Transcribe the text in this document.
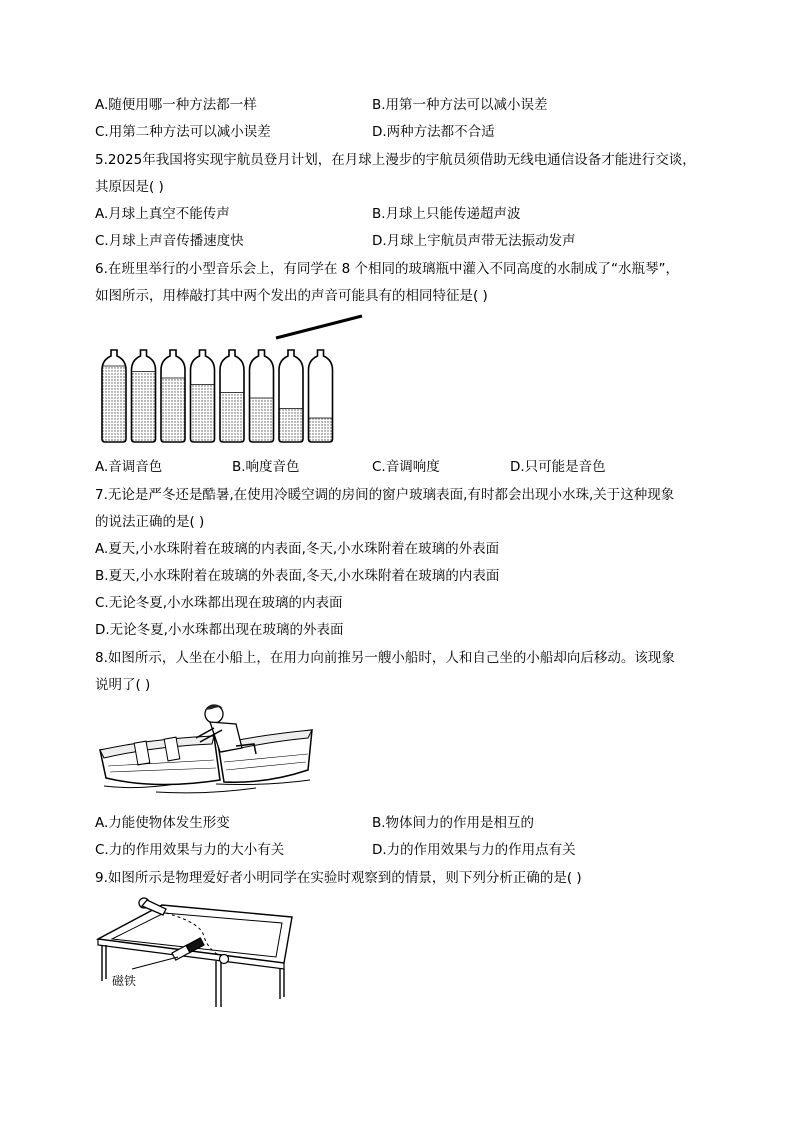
A.随便用哪一种方法都一样	B.用第一种方法可以减小误差
C.用第二种方法可以减小误差	D.两种方法都不合适
5.2025年我国将实现宇航员登月计划，在月球上漫步的宇航员须借助无线电通信设备才能进行交谈，
其原因是( )
A.月球上真空不能传声	B.月球上只能传递超声波
C.月球上声音传播速度快	D.月球上宇航员声带无法振动发声
6.在班里举行的小型音乐会上，有同学在 8 个相同的玻璃瓶中灌入不同高度的水制成了“水瓶琴”，
如图所示，用棒敲打其中两个发出的声音可能具有的相同特征是( )
A.音调音色	B.响度音色	C.音调响度	D.只可能是音色
7.无论是严冬还是酷暑,在使用冷暖空调的房间的窗户玻璃表面,有时都会出现小水珠,关于这种现象
的说法正确的是( )
A.夏天,小水珠附着在玻璃的内表面,冬天,小水珠附着在玻璃的外表面
B.夏天,小水珠附着在玻璃的外表面,冬天,小水珠附着在玻璃的内表面
C.无论冬夏,小水珠都出现在玻璃的内表面
D.无论冬夏,小水珠都出现在玻璃的外表面
8.如图所示，人坐在小船上，在用力向前推另一艘小船时，人和自己坐的小船却向后移动。该现象
说明了( )
A.力能使物体发生形变	B.物体间力的作用是相互的
C.力的作用效果与力的大小有关	D.力的作用效果与力的作用点有关
9.如图所示是物理爱好者小明同学在实验时观察到的情景，则下列分析正确的是( )
磁铁
